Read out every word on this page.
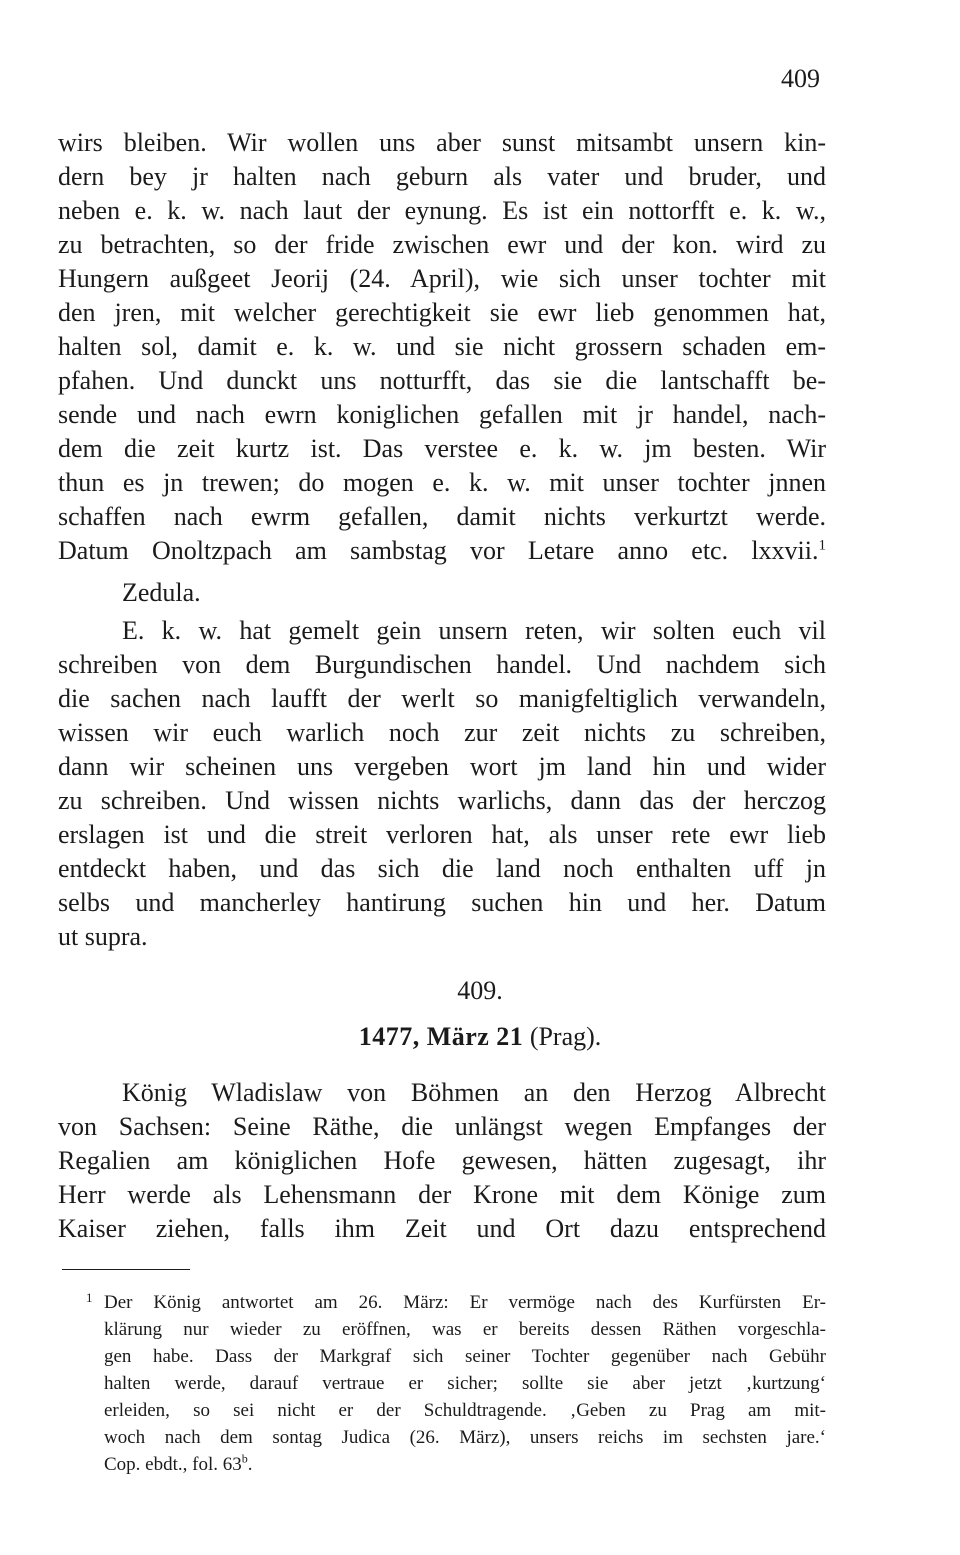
409
wirs bleiben. Wir wollen uns aber sunst mitsambt unsern kin-
dern bey jr halten nach geburn als vater und bruder, und
neben e. k. w. nach laut der eynung. Es ist ein nottorfft e. k. w.,
zu betrachten, so der fride zwischen ewr und der kon. wird zu
Hungern außgeet Jeorij (24. April), wie sich unser tochter mit
den jren, mit welcher gerechtigkeit sie ewr lieb genommen hat,
halten sol, damit e. k. w. und sie nicht grossern schaden em-
pfahen. Und dunckt uns notturfft, das sie die lantschafft be-
sende und nach ewrn koniglichen gefallen mit jr handel, nach-
dem die zeit kurtz ist. Das verstee e. k. w. jm besten. Wir
thun es jn trewen; do mogen e. k. w. mit unser tochter jnnen
schaffen nach ewrm gefallen, damit nichts verkurtzt werde.
Datum Onoltzpach am sambstag vor Letare anno etc. lxxvii.$^1$
Zedula.
E. k. w. hat gemelt gein unsern reten, wir solten euch vil
schreiben von dem Burgundischen handel. Und nachdem sich
die sachen nach laufft der werlt so manigfeltiglich verwandeln,
wissen wir euch warlich noch zur zeit nichts zu schreiben,
dann wir scheinen uns vergeben wort jm land hin und wider
zu schreiben. Und wissen nichts warlichs, dann das der herczog
erslagen ist und die streit verloren hat, als unser rete ewr lieb
entdeckt haben, und das sich die land noch enthalten uff jn
selbs und mancherley hantirung suchen hin und her. Datum
ut supra.
409.
1477, März 21 (Prag).
König Wladislaw von Böhmen an den Herzog Albrecht
von Sachsen: Seine Räthe, die unlängst wegen Empfanges der
Regalien am königlichen Hofe gewesen, hätten zugesagt, ihr
Herr werde als Lehensmann der Krone mit dem Könige zum
Kaiser ziehen, falls ihm Zeit und Ort dazu entsprechend
1 Der König antwortet am 26. März: Er vermöge nach des Kurfürsten Er-
klärung nur wieder zu eröffnen, was er bereits dessen Räthen vorgeschla-
gen habe. Dass der Markgraf sich seiner Tochter gegenüber nach Gebühr
halten werde, darauf vertraue er sicher; sollte sie aber jetzt ‚kurtzung‘
erleiden, so sei nicht er der Schuldtragende. ‚Geben zu Prag am mit-
woch nach dem sontag Judica (26. März), unsers reichs im sechsten jare.‘
Cop. ebdt., fol. 63$^b$.
